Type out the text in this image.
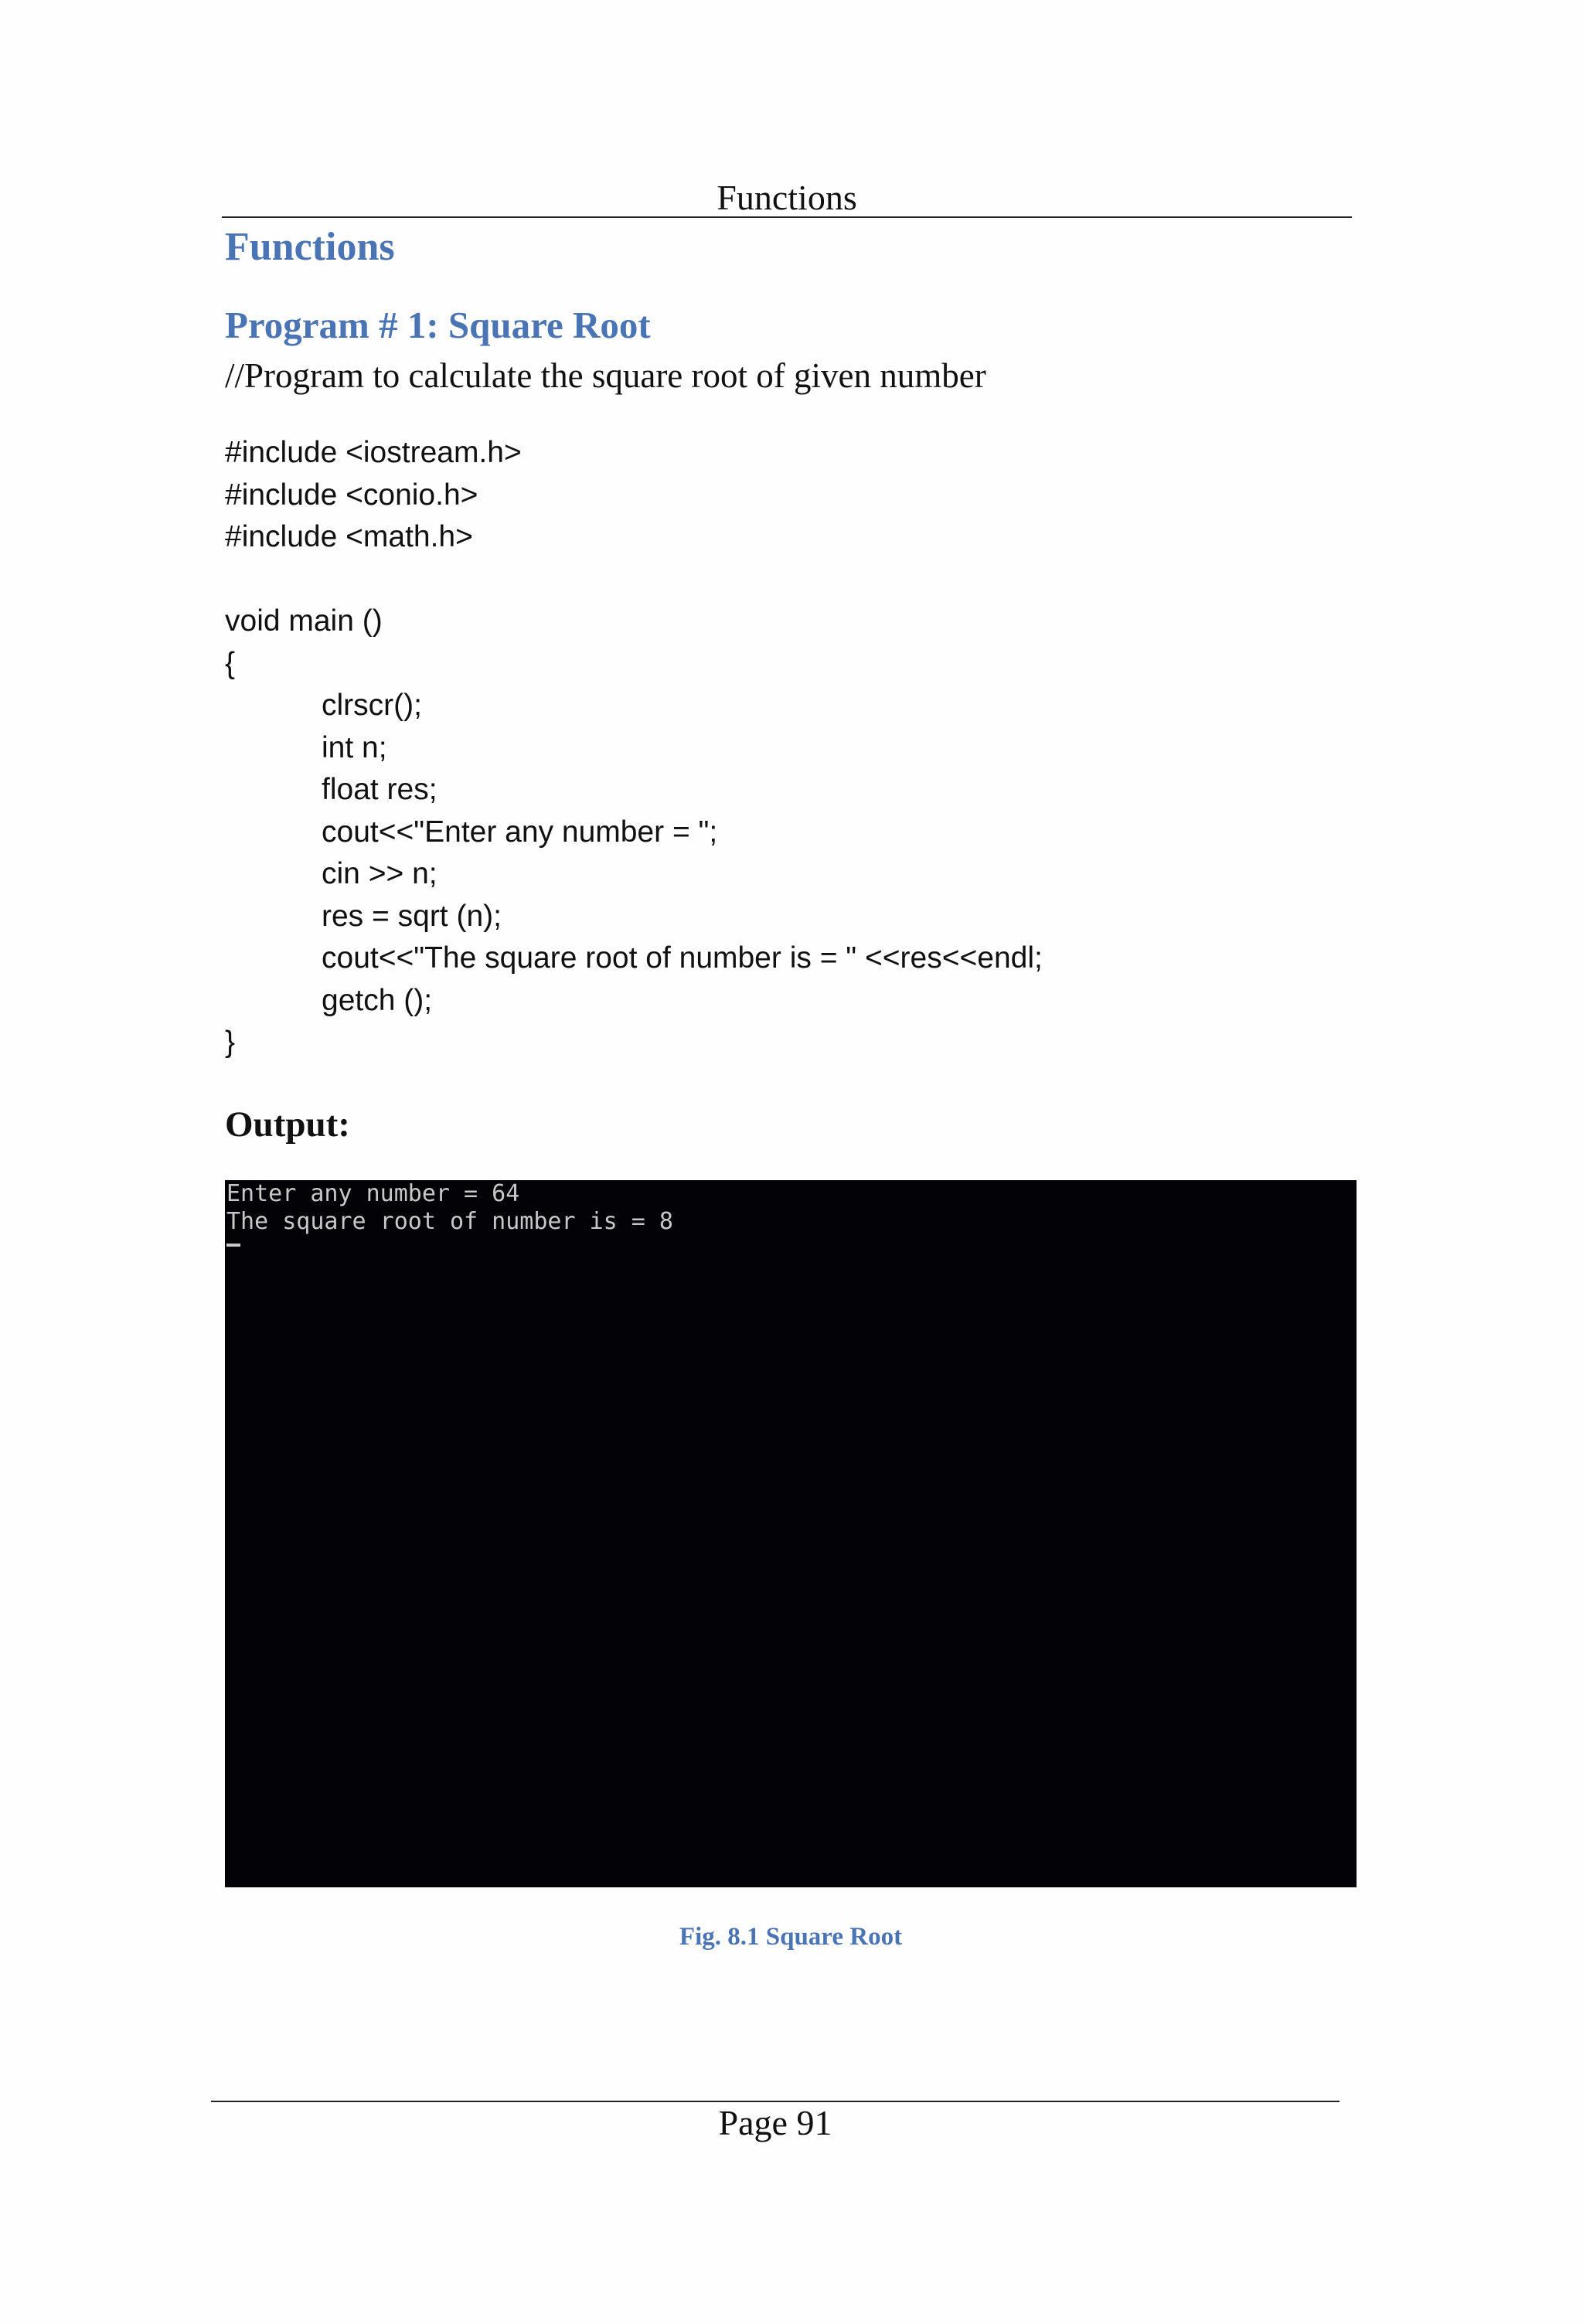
Functions
Functions
Program # 1: Square Root

//Program to calculate the square root of given number

#include <iostream.h>
#include <conio.h>
#include <math.h>
void main ()
{
clrscr();
int n;
float res;
cout<<"Enter any number = ";
cin >> n;
res = sqrt (n);
cout<<"The square root of number is = " <<res<<endl;
getch ();
}
Output:
Enter any number = 64
The square root of number is = 8
Fig. 8.1 Square Root
Page 91
